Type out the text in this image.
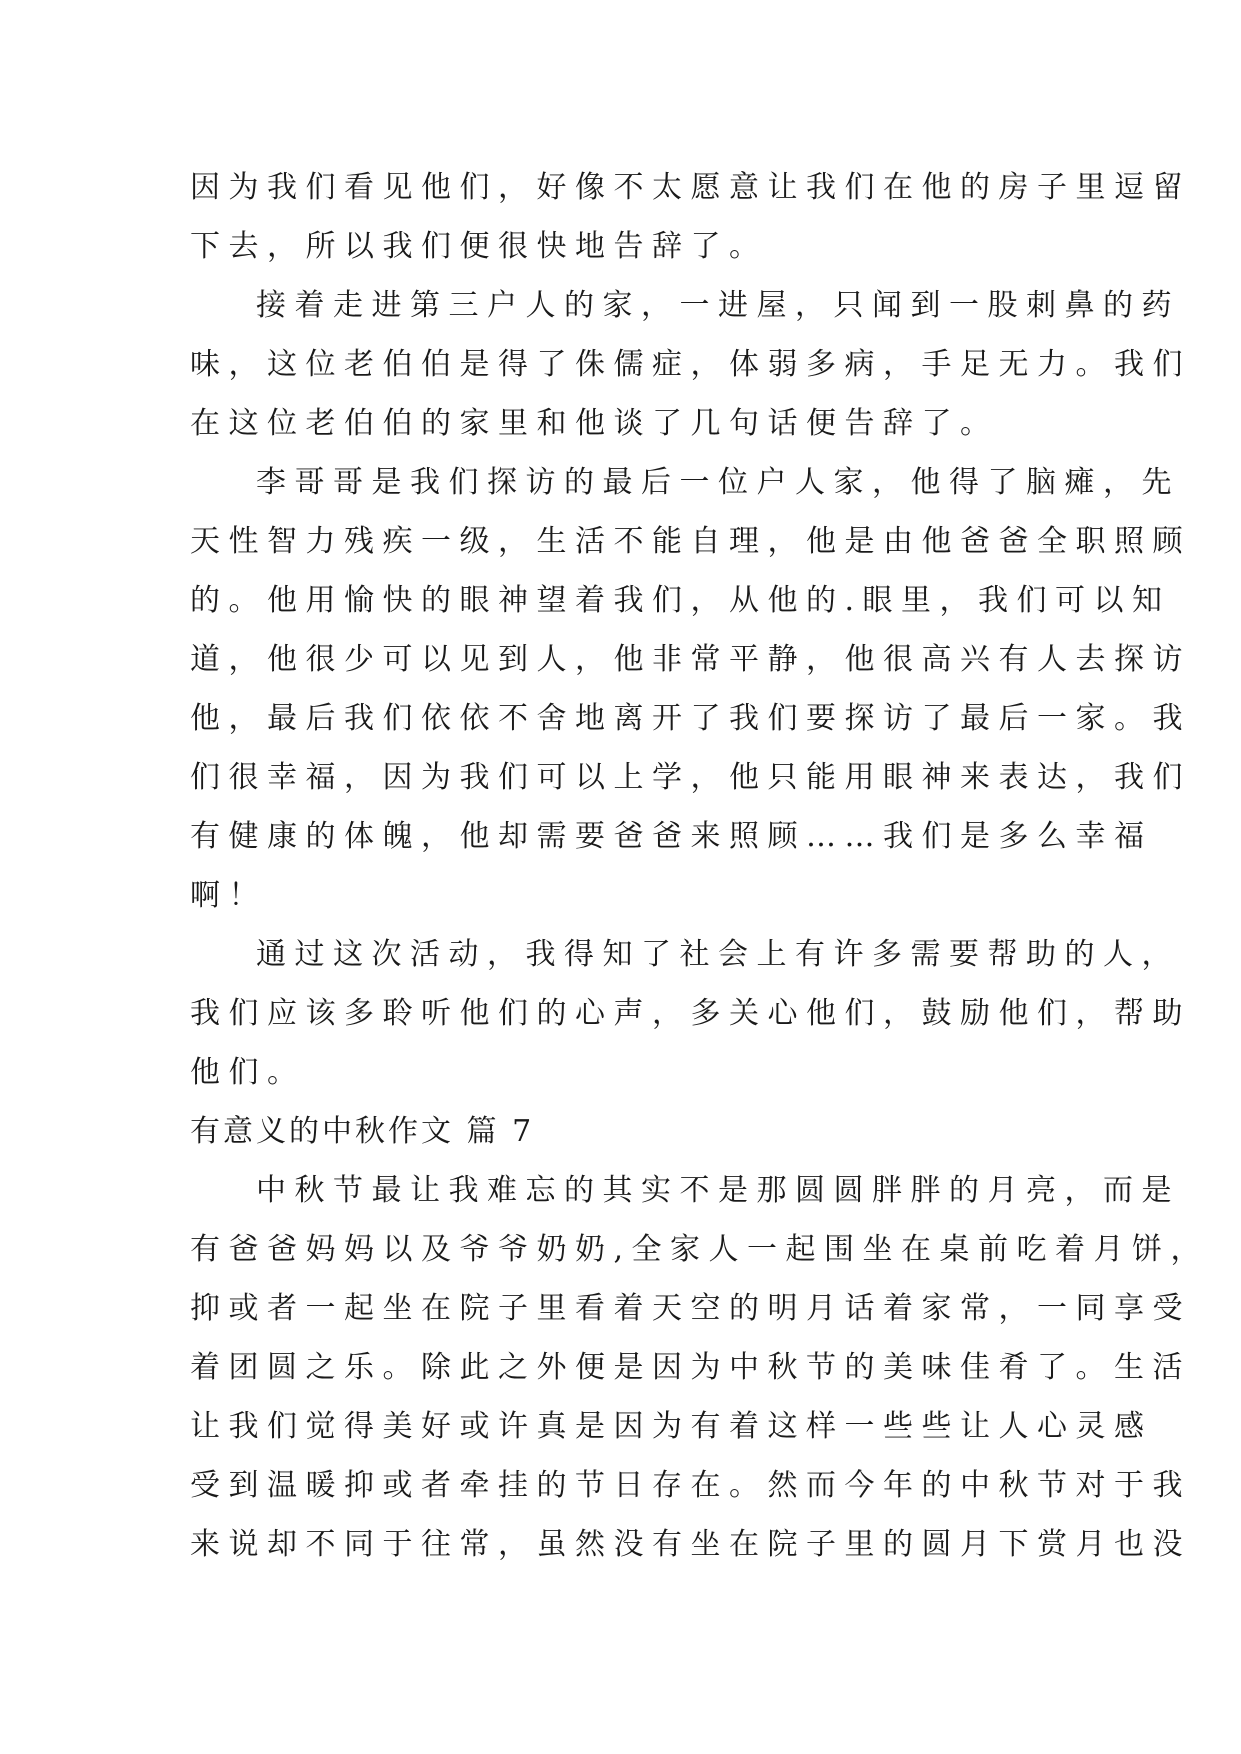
因为我们看见他们，好像不太愿意让我们在他的房子里逗留
下去，所以我们便很快地告辞了。
接着走进第三户人的家，一进屋，只闻到一股刺鼻的药
味，这位老伯伯是得了侏儒症，体弱多病，手足无力。我们
在这位老伯伯的家里和他谈了几句话便告辞了。
李哥哥是我们探访的最后一位户人家，他得了脑瘫，先
天性智力残疾一级，生活不能自理，他是由他爸爸全职照顾
的。他用愉快的眼神望着我们，从他的.眼里，我们可以知
道，他很少可以见到人，他非常平静，他很高兴有人去探访
他，最后我们依依不舍地离开了我们要探访了最后一家。我
们很幸福，因为我们可以上学，他只能用眼神来表达，我们
有健康的体魄，他却需要爸爸来照顾……我们是多么幸福
啊！
通过这次活动，我得知了社会上有许多需要帮助的人，
我们应该多聆听他们的心声，多关心他们，鼓励他们，帮助
他们。
有意义的中秋作文 篇 7
中秋节最让我难忘的其实不是那圆圆胖胖的月亮，而是
有爸爸妈妈以及爷爷奶奶,全家人一起围坐在桌前吃着月饼，
抑或者一起坐在院子里看着天空的明月话着家常，一同享受
着团圆之乐。除此之外便是因为中秋节的美味佳肴了。生活
让我们觉得美好或许真是因为有着这样一些些让人心灵感
受到温暖抑或者牵挂的节日存在。然而今年的中秋节对于我
来说却不同于往常，虽然没有坐在院子里的圆月下赏月也没
